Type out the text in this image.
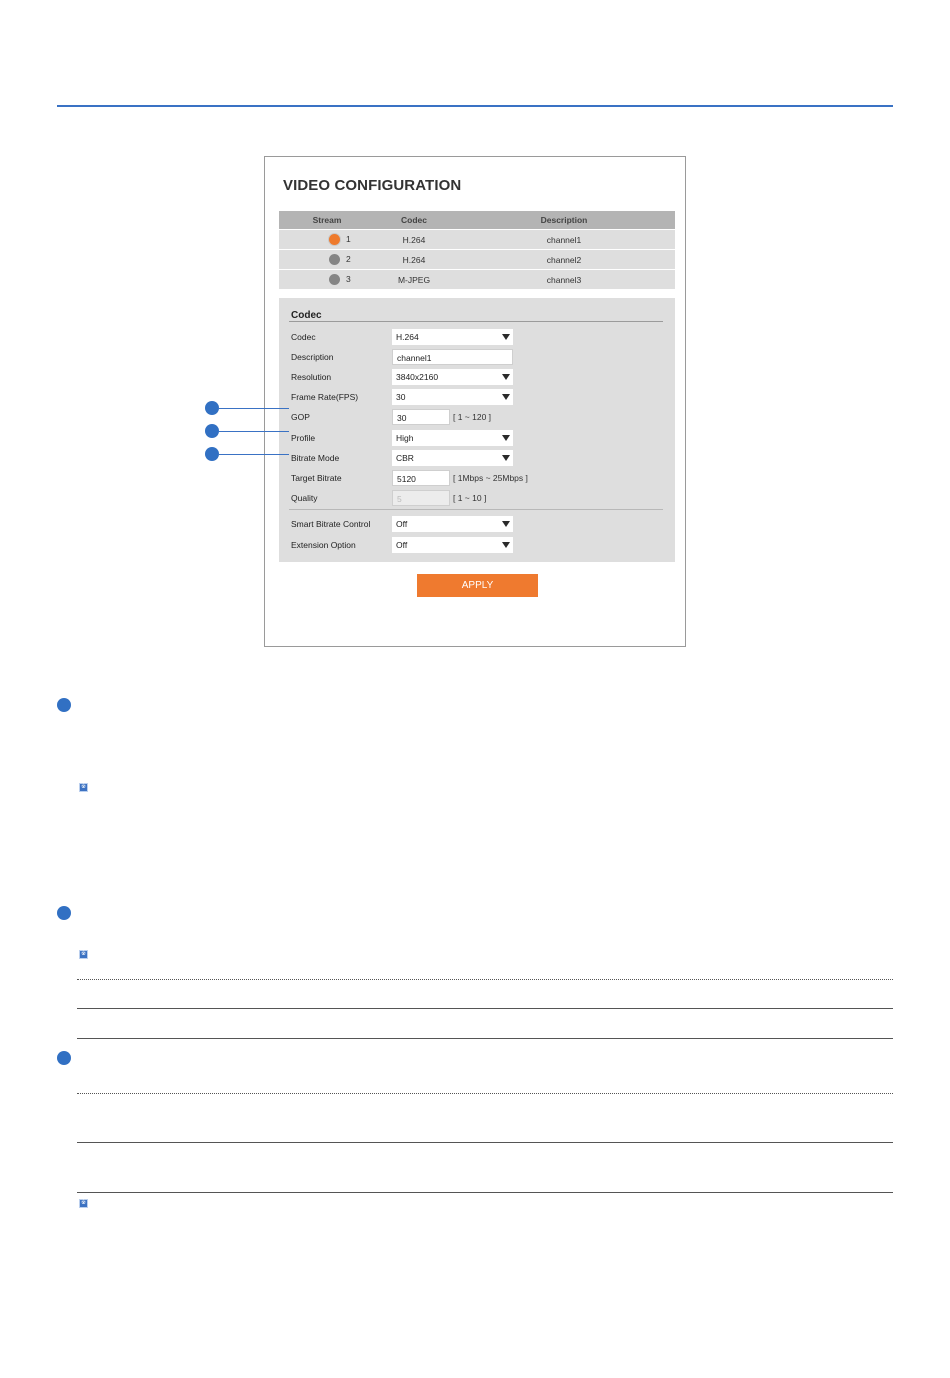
VIDEO CONFIGURATION
Stream	Codec	Description
1	H.264	channel1
2	H.264	channel2
3	M-JPEG	channel3
Codec
Codec	H.264
Description	channel1
Resolution	3840x2160
Frame Rate(FPS)	30
GOP	30	[ 1 ~ 120 ]
Profile	High
Bitrate Mode	CBR
Target Bitrate	5120	[ 1Mbps ~ 25Mbps ]
Quality	5	[ 1 ~ 10 ]
Smart Bitrate Control	Off
Extension Option	Off
APPLY
※
※
※
